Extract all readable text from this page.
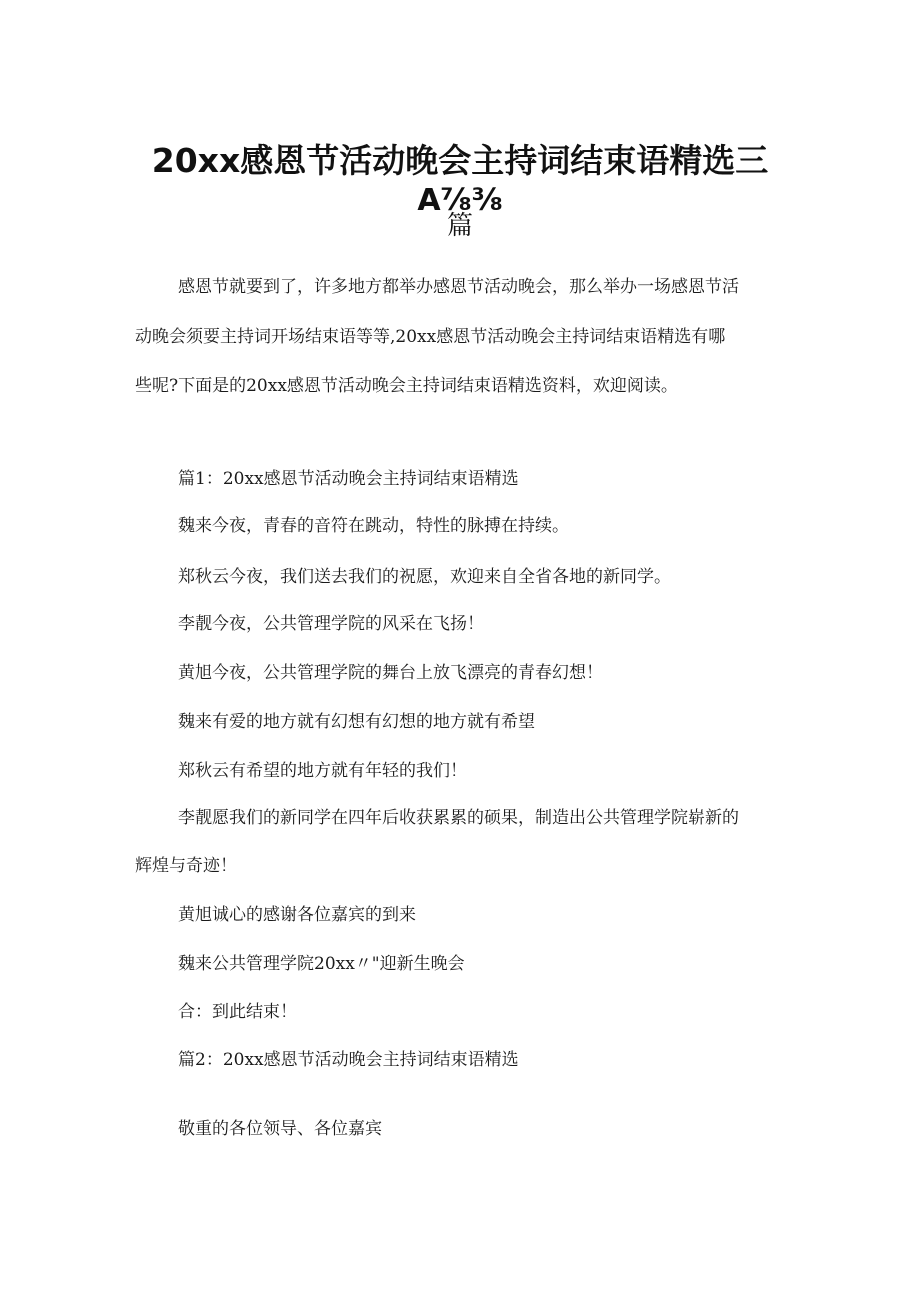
20xx感恩节活动晚会主持词结束语精选三
A⅞⅜
篇

感恩节就要到了，许多地方都举办感恩节活动晚会，那么举办一场感恩节活

动晚会须要主持词开场结束语等等,20xx感恩节活动晚会主持词结束语精选有哪

些呢?下面是的20xx感恩节活动晚会主持词结束语精选资料，欢迎阅读。

篇1：20xx感恩节活动晚会主持词结束语精选

魏来今夜，青春的音符在跳动，特性的脉搏在持续。

郑秋云今夜，我们送去我们的祝愿，欢迎来自全省各地的新同学。

李靓今夜，公共管理学院的风采在飞扬！

黄旭今夜，公共管理学院的舞台上放飞漂亮的青春幻想！

魏来有爱的地方就有幻想有幻想的地方就有希望

郑秋云有希望的地方就有年轻的我们！

李靓愿我们的新同学在四年后收获累累的硕果，制造出公共管理学院崭新的

辉煌与奇迹！

黄旭诚心的感谢各位嘉宾的到来

魏来公共管理学院20xx〃"迎新生晚会

合：到此结束！

篇2：20xx感恩节活动晚会主持词结束语精选

敬重的各位领导、各位嘉宾
